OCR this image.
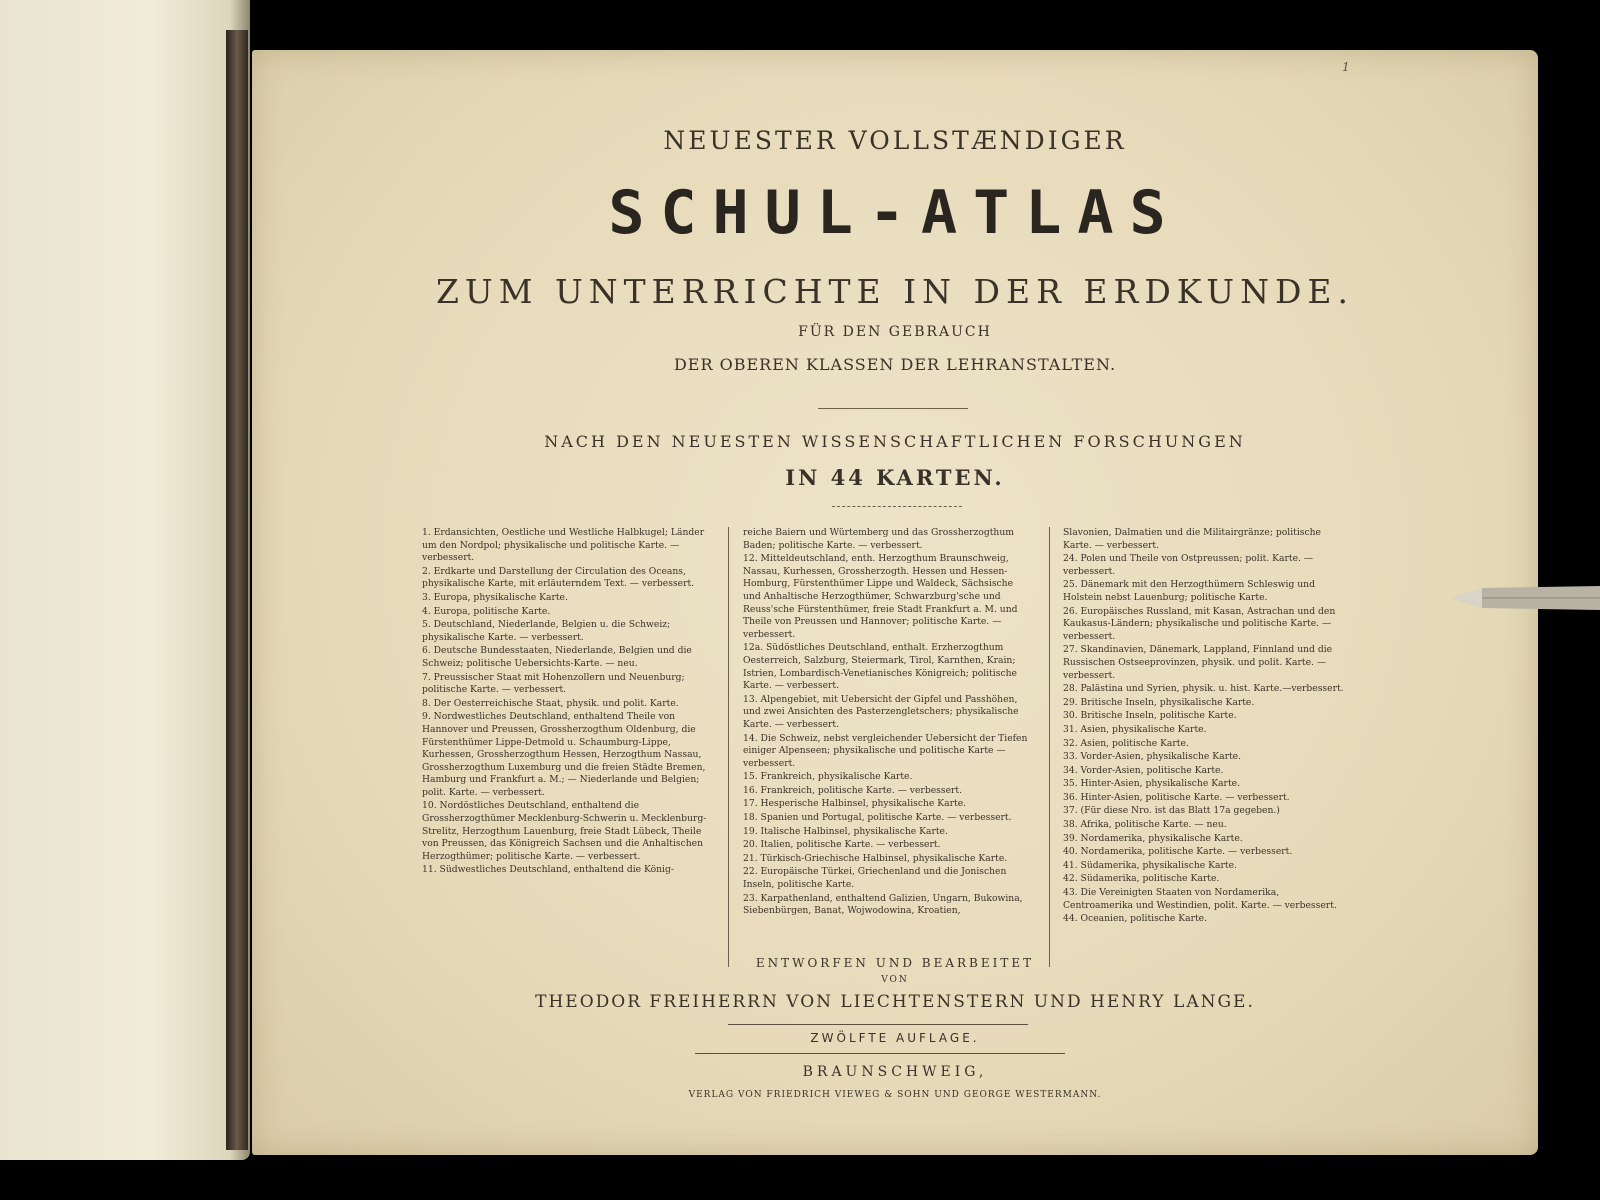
1

NEUESTER VOLLSTÆNDIGER

SCHUL-ATLAS

ZUM UNTERRICHTE IN DER ERDKUNDE.

FÜR DEN GEBRAUCH

DER OBEREN KLASSEN DER LEHRANSTALTEN.

NACH DEN NEUESTEN WISSENSCHAFTLICHEN FORSCHUNGEN

IN 44 KARTEN.

1. Erdansichten, Oestliche und Westliche Halbkugel; Länder um den Nordpol; physikalische und politische Karte. — verbessert.

2. Erdkarte und Darstellung der Circulation des Oceans, physikalische Karte, mit erläuterndem Text. — verbessert.

3. Europa, physikalische Karte.

4. Europa, politische Karte.

5. Deutschland, Niederlande, Belgien u. die Schweiz; physikalische Karte. — verbessert.

6. Deutsche Bundesstaaten, Niederlande, Belgien und die Schweiz; politische Uebersichts-Karte. — neu.

7. Preussischer Staat mit Hohenzollern und Neuenburg; politische Karte. — verbessert.

8. Der Oesterreichische Staat, physik. und polit. Karte.

9. Nordwestliches Deutschland, enthaltend Theile von Hannover und Preussen, Grossherzogthum Oldenburg, die Fürstenthümer Lippe-Detmold u. Schaumburg-Lippe, Kurhessen, Grossherzogthum Hessen, Herzogthum Nassau, Grossherzogthum Luxemburg und die freien Städte Bremen, Hamburg und Frankfurt a. M.; — Niederlande und Belgien; polit. Karte. — verbessert.

10. Nordöstliches Deutschland, enthaltend die Grossherzogthümer Mecklenburg-Schwerin u. Mecklenburg-Strelitz, Herzogthum Lauenburg, freie Stadt Lübeck, Theile von Preussen, das Königreich Sachsen und die Anhaltischen Herzogthümer; politische Karte. — verbessert.

11. Südwestliches Deutschland, enthaltend die König-

reiche Baiern und Würtemberg und das Grossherzogthum Baden; politische Karte. — verbessert.

12. Mitteldeutschland, enth. Herzogthum Braunschweig, Nassau, Kurhessen, Grossherzogth. Hessen und Hessen-Homburg, Fürstenthümer Lippe und Waldeck, Sächsische und Anhaltische Herzogthümer, Schwarzburg'sche und Reuss'sche Fürstenthümer, freie Stadt Frankfurt a. M. und Theile von Preussen und Hannover; politische Karte. — verbessert.

12a. Südöstliches Deutschland, enthalt. Erzherzogthum Oesterreich, Salzburg, Steiermark, Tirol, Karnthen, Krain; Istrien, Lombardisch-Venetianisches Königreich; politische Karte. — verbessert.

13. Alpengebiet, mit Uebersicht der Gipfel und Passhöhen, und zwei Ansichten des Pasterzengletschers; physikalische Karte. — verbessert.

14. Die Schweiz, nebst vergleichender Uebersicht der Tiefen einiger Alpenseen; physikalische und politische Karte — verbessert.

15. Frankreich, physikalische Karte.

16. Frankreich, politische Karte. — verbessert.

17. Hesperische Halbinsel, physikalische Karte.

18. Spanien und Portugal, politische Karte. — verbessert.

19. Italische Halbinsel, physikalische Karte.

20. Italien, politische Karte. — verbessert.

21. Türkisch-Griechische Halbinsel, physikalische Karte.

22. Europäische Türkei, Griechenland und die Jonischen Inseln, politische Karte.

23. Karpathenland, enthaltend Galizien, Ungarn, Bukowina, Siebenbürgen, Banat, Wojwodowina, Kroatien,

Slavonien, Dalmatien und die Militairgränze; politische Karte. — verbessert.

24. Polen und Theile von Ostpreussen; polit. Karte. — verbessert.

25. Dänemark mit den Herzogthümern Schleswig und Holstein nebst Lauenburg; politische Karte.

26. Europäisches Russland, mit Kasan, Astrachan und den Kaukasus-Ländern; physikalische und politische Karte. — verbessert.

27. Skandinavien, Dänemark, Lappland, Finnland und die Russischen Ostseeprovinzen, physik. und polit. Karte. — verbessert.

28. Palästina und Syrien, physik. u. hist. Karte.—verbessert.

29. Britische Inseln, physikalische Karte.

30. Britische Inseln, politische Karte.

31. Asien, physikalische Karte.

32. Asien, politische Karte.

33. Vorder-Asien, physikalische Karte.

34. Vorder-Asien, politische Karte.

35. Hinter-Asien, physikalische Karte.

36. Hinter-Asien, politische Karte. — verbessert.

37. (Für diese Nro. ist das Blatt 17a gegeben.)

38. Afrika, politische Karte. — neu.

39. Nordamerika, physikalische Karte.

40. Nordamerika, politische Karte. — verbessert.

41. Südamerika, physikalische Karte.

42. Südamerika, politische Karte.

43. Die Vereinigten Staaten von Nordamerika, Centroamerika und Westindien, polit. Karte. — verbessert.

44. Oceanien, politische Karte.

ENTWORFEN UND BEARBEITET

VON

THEODOR FREIHERRN VON LIECHTENSTERN UND HENRY LANGE.

ZWÖLFTE AUFLAGE.

BRAUNSCHWEIG,

VERLAG VON FRIEDRICH VIEWEG & SOHN UND GEORGE WESTERMANN.
